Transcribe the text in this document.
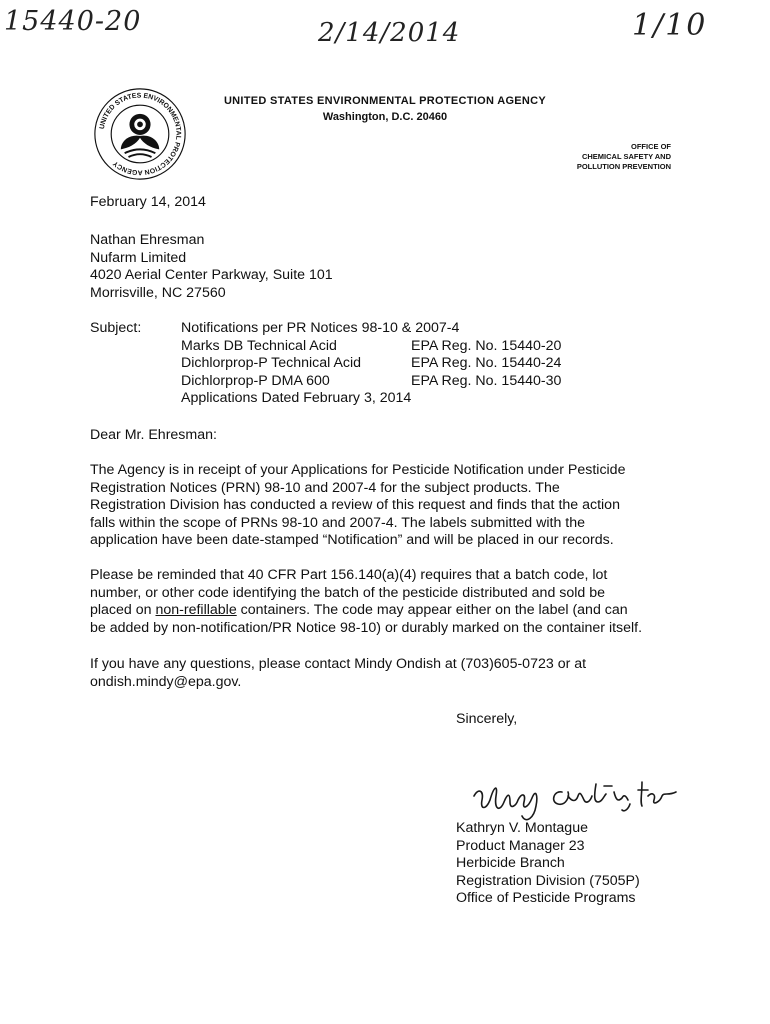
15440-20	2/14/2014	1/10
UNITED STATES ENVIRONMENTAL PROTECTION AGENCY
UNITED STATES ENVIRONMENTAL PROTECTION AGENCY
Washington, D.C. 20460
OFFICE OF
CHEMICAL SAFETY AND
POLLUTION PREVENTION
February 14, 2014
Nathan Ehresman
Nufarm Limited
4020 Aerial Center Parkway, Suite 101
Morrisville, NC 27560
Subject:	Notifications per PR Notices 98-10 & 2007-4
Marks DB Technical Acid	EPA Reg. No. 15440-20
Dichlorprop-P Technical Acid	EPA Reg. No. 15440-24
Dichlorprop-P DMA 600	EPA Reg. No. 15440-30
Applications Dated February 3, 2014
Dear Mr. Ehresman:
The Agency is in receipt of your Applications for Pesticide Notification under Pesticide
Registration Notices (PRN) 98-10 and 2007-4 for the subject products. The
Registration Division has conducted a review of this request and finds that the action
falls within the scope of PRNs 98-10 and 2007-4. The labels submitted with the
application have been date-stamped “Notification” and will be placed in our records.
Please be reminded that 40 CFR Part 156.140(a)(4) requires that a batch code, lot
number, or other code identifying the batch of the pesticide distributed and sold be
placed on non-refillable containers. The code may appear either on the label (and can
be added by non-notification/PR Notice 98-10) or durably marked on the container itself.
If you have any questions, please contact Mindy Ondish at (703)605-0723 or at
ondish.mindy@epa.gov.
Sincerely,
Kathryn V. Montague
Product Manager 23
Herbicide Branch
Registration Division (7505P)
Office of Pesticide Programs
